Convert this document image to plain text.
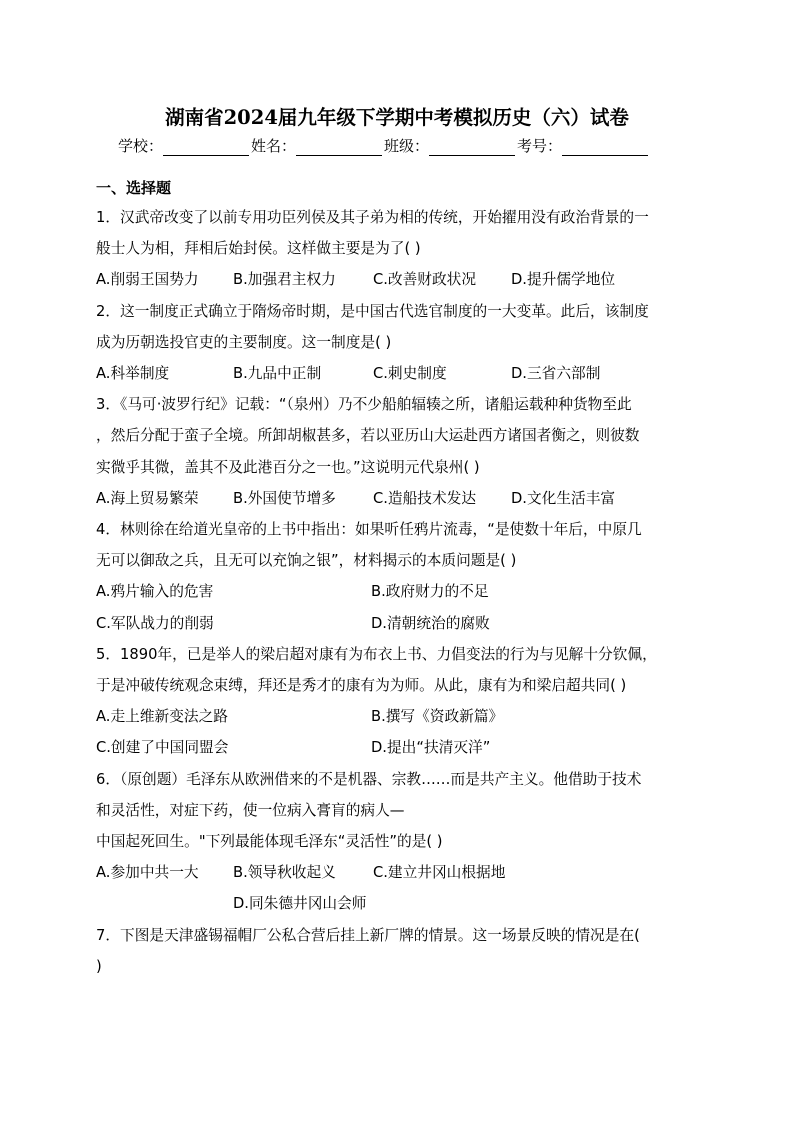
湖南省2024届九年级下学期中考模拟历史（六）试卷
学校：	姓名：	班级：	考号：
一、选择题
1．汉武帝改变了以前专用功臣列侯及其子弟为相的传统，开始擢用没有政治背景的一
般士人为相，拜相后始封侯。这样做主要是为了( )
A.削弱王国势力 B.加强君主权力	C.改善财政状况 D.提升儒学地位
2．这一制度正式确立于隋炀帝时期，是中国古代选官制度的一大变革。此后，该制度
成为历朝选投官吏的主要制度。这一制度是( )
A.科举制度	B.九品中正制	C.刺史制度	D.三省六部制
3．《马可·波罗行纪》记载：“（泉州）乃不少船舶辐辏之所，诸船运载种种货物至此
，然后分配于蛮子全境。所卸胡椒甚多，若以亚历山大运赴西方诸国者衡之，则彼数
实微乎其微，盖其不及此港百分之一也。”这说明元代泉州( )
A.海上贸易繁荣 B.外国使节增多	C.造船技术发达 D.文化生活丰富
4．林则徐在给道光皇帝的上书中指出：如果听任鸦片流毒，“是使数十年后，中原几
无可以御敌之兵，且无可以充饷之银”，材料揭示的本质问题是( )
A.鸦片输入的危害	B.政府财力的不足
C.军队战力的削弱	D.清朝统治的腐败
5．1890年，已是举人的梁启超对康有为布衣上书、力倡变法的行为与见解十分钦佩，
于是冲破传统观念束缚，拜还是秀才的康有为为师。从此，康有为和梁启超共同( )
A.走上维新变法之路	B.撰写《资政新篇》
C.创建了中国同盟会	D.提出“扶清灭洋”
6．（原创题）毛泽东从欧洲借来的不是机器、宗教……而是共产主义。他借助于技术
和灵活性，对症下药，使一位病入膏肓的病人—
中国起死回生。"下列最能体现毛泽东“灵活性”的是( )
A.参加中共一大 B.领导秋收起义	C.建立井冈山根据地
D.同朱德井冈山会师
7．下图是天津盛锡福帽厂公私合营后挂上新厂牌的情景。这一场景反映的情况是在(
)
